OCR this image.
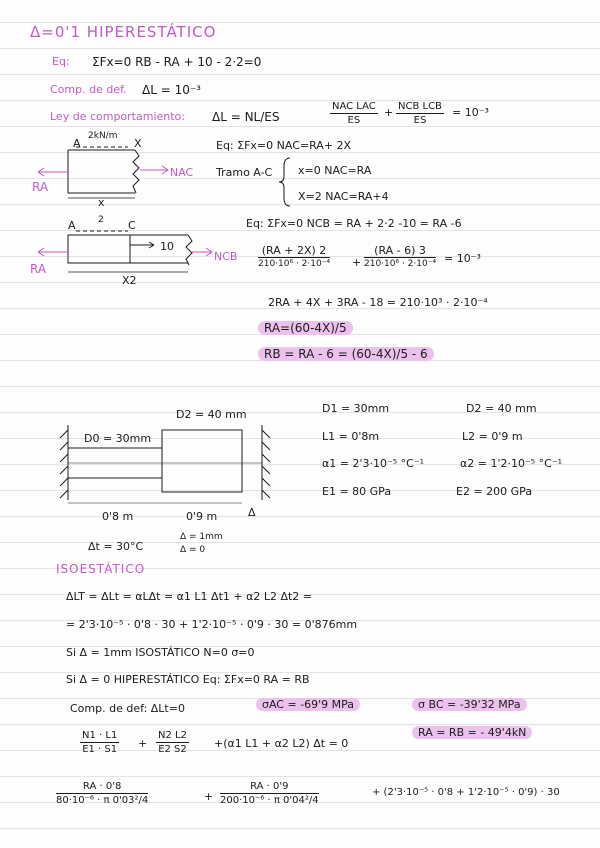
Δ=0'1 HIPERESTÁTICO
Eq: ΣFx=0 RB - RA + 10 - 2·2=0
Comp. de def. ΔL = 10⁻³
Ley de comportamiento: ΔL = NL/ES
NAC LAC
ES
+ NCB LCB
ES
= 10⁻³
A
2kN/m
X
NAC
RA
x
Eq: ΣFx=0 NAC=RA+ 2X
Tramo A-C x=0 NAC=RA
X=2 NAC=RA+4
A 2 C
10
NCB
RA
X2
Eq: ΣFx=0 NCB = RA + 2·2 -10 = RA -6
(RA + 2X) 2
210·10⁶ · 2·10⁻⁴ +
(RA - 6) 3
210·10⁶ · 2·10⁻⁴ = 10⁻³
2RA + 4X + 3RA - 18 = 210·10³ · 2·10⁻⁴
RA=(60-4X)/5
RB = RA - 6 = (60-4X)/5 - 6
D0 = 30mm
D2 = 40 mm
0'8 m	0'9 m	Δ
D1 = 30mm	D2 = 40 mm
L1 = 0'8m	L2 = 0'9 m
α1 = 2'3·10⁻⁵ °C⁻¹	α2 = 1'2·10⁻⁵ °C⁻¹
E1 = 80 GPa	E2 = 200 GPa
Δt = 30°C
Δ = 1mm
Δ = 0
ISOESTÁTICO
ΔLT = ΔLt = αLΔt = α1 L1 Δt1 + α2 L2 Δt2 =
= 2'3·10⁻⁵ · 0'8 · 30 + 1'2·10⁻⁵ · 0'9 · 30 = 0'876mm
Si Δ = 1mm ISOSTÁTICO N=0 σ=0
Si Δ = 0 HIPERESTÁTICO Eq: ΣFx=0 RA = RB
Comp. de def: ΔLt=0	σAC = -69'9 MPa	σ BC = -39'32 MPa
$\frac{N1 \cdot L1}{E1 \cdot S1} + \frac{N2 L2}{E2 S2} +(\alpha 1$ L1 + α2 L2) Δt = 0
RA = RB = - 49'4kN
$\frac{RA \cdot 0'8}{\text{80·10⁻⁶ · π 0'03²/4}}$	+ $\frac{RA \cdot 0'9}{\text{200·10⁻⁶ · π 0'04²/4}}$	+ (2'3·10⁻⁵ · 0'8 + 1'2·10⁻⁵ · 0'9) · 30
